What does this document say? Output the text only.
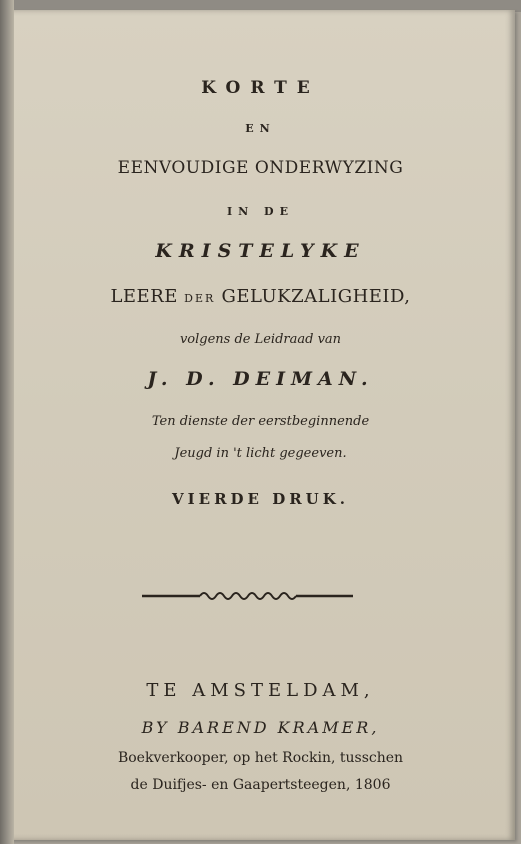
KORTE
EN
EENVOUDIGE ONDERWYZING
IN DE
KRISTELYKE
LEERE DER GELUKZALIGHEID,
volgens de Leidraad van
J. D. DEIMAN.
Ten dienste der eerstbeginnende
Jeugd in 't licht gegeeven.
VIERDE DRUK.
TE AMSTELDAM,
BY BAREND KRAMER,
Boekverkooper, op het Rockin, tusschen
de Duifjes- en Gaapertsteegen, 1806
